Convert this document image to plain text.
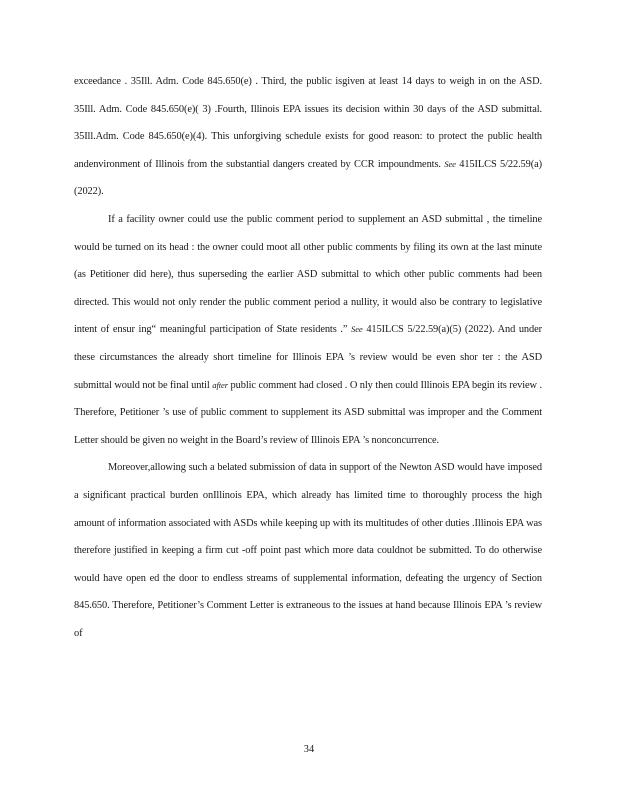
exceedance . 35Ill. Adm. Code 845.650(e) . Third, the public isgiven at least 14 days to weigh in on the ASD. 35Ill. Adm. Code 845.650(e)( 3) .Fourth, Illinois EPA issues its decision within 30 days of the ASD submittal. 35Ill.Adm. Code 845.650(e)(4). This unforgiving schedule exists for good reason: to protect the public health andenvironment of Illinois from the substantial dangers created by CCR impoundments. See 415ILCS 5/22.59(a) (2022).

If a facility owner could use the public comment period to supplement an ASD submittal , the timeline would be turned on its head : the owner could moot all other public comments by filing its own at the last minute (as Petitioner did here), thus superseding the earlier ASD submittal to which other public comments had been directed. This would not only render the public comment period a nullity, it would also be contrary to legislative intent of ensur ing“ meaningful participation of State residents .” See 415ILCS 5/22.59(a)(5) (2022). And under these circumstances the already short timeline for Illinois EPA ’s review would be even shor ter : the ASD submittal would not be final until after public comment had closed . O nly then could Illinois EPA begin its review . Therefore, Petitioner ’s use of public comment to supplement its ASD submittal was improper and the Comment Letter should be given no weight in the Board’s review of Illinois EPA ’s nonconcurrence.

Moreover,allowing such a belated submission of data in support of the Newton ASD would have imposed a significant practical burden onIllinois EPA, which already has limited time to thoroughly process the high amount of information associated with ASDs while keeping up with its multitudes of other duties .Illinois EPA was therefore justified in keeping a firm cut -off point past which more data couldnot be submitted. To do otherwise would have open ed the door to endless streams of supplemental information, defeating the urgency of Section 845.650. Therefore, Petitioner’s Comment Letter is extraneous to the issues at hand because Illinois EPA ’s review of

34
